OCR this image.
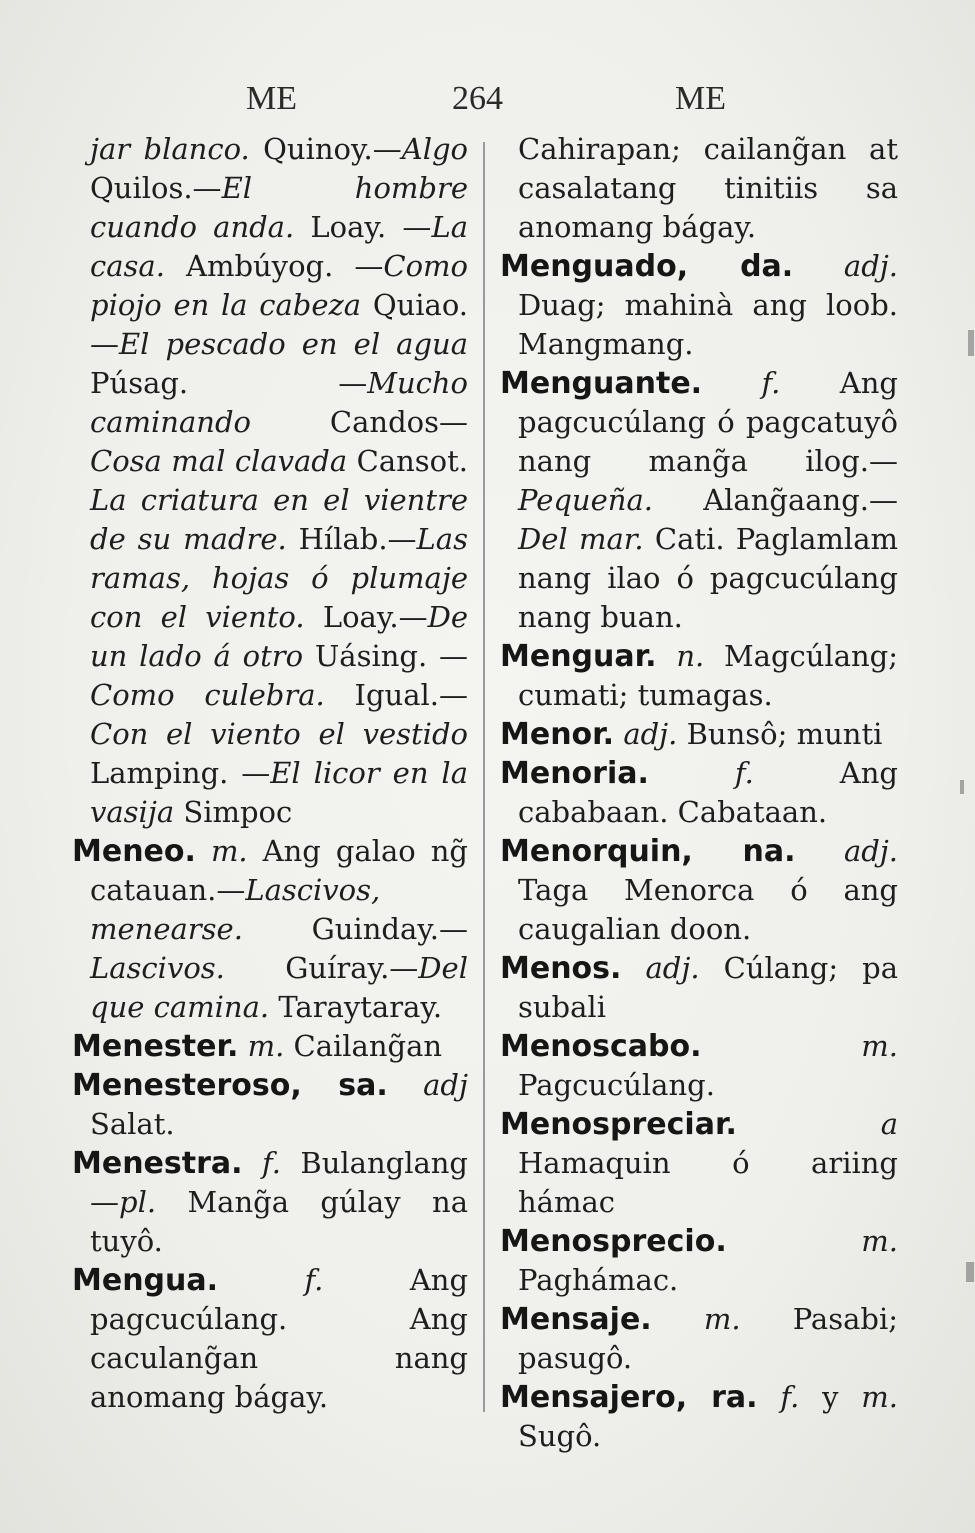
ME	264	ME

jar blanco. Quinoy.—Algo Quilos.—El hombre cuando anda. Loay. —La casa. Ambúyog. —Como piojo en la cabeza Quiao. —El pescado en el agua Púsag. —Mucho caminando Candos—Cosa mal clavada Cansot. La criatura en el vientre de su madre. Hílab.—Las ramas, hojas ó plumaje con el viento. Loay.—De un lado á otro Uásing. —Como culebra. Igual.—Con el viento el vestido Lamping. —El licor en la vasija Simpoc

Meneo. m. Ang galao ng̃ catauan.—Lascivos, menearse. Guinday.—Lascivos. Guíray.—Del que camina. Taraytaray.

Menester. m. Cailang̃an

Menesteroso, sa. adj Salat.

Menestra. f. Bulanglang —pl. Mang̃a gúlay na tuyô.

Mengua.	f. Ang pagcucúlang. Ang caculang̃an nang anomang bágay.

Cahirapan; cailang̃an at casalatang tinitiis sa anomang bágay.

Menguado, da. adj. Duag; mahinà ang loob. Mangmang.

Menguante. f. Ang pagcucúlang ó pagcatuyô nang mang̃a ilog.—Pequeña. Alang̃aang.—Del mar. Cati. Paglamlam nang ilao ó pagcucúlang nang buan.

Menguar. n. Magcúlang; cumati; tumagas.

Menor. adj. Bunsô; munti

Menoria.	f. Ang cababaan. Cabataan.

Menorquin, na. adj. Taga Menorca ó ang caugalian doon.

Menos. adj. Cúlang; pa subali

Menoscabo.	m. Pagcucúlang.

Menospreciar.	a Hamaquin ó ariing hámac

Menosprecio.	m. Paghámac.

Mensaje. m. Pasabi; pasugô.

Mensajero, ra. f. y m. Sugô.
